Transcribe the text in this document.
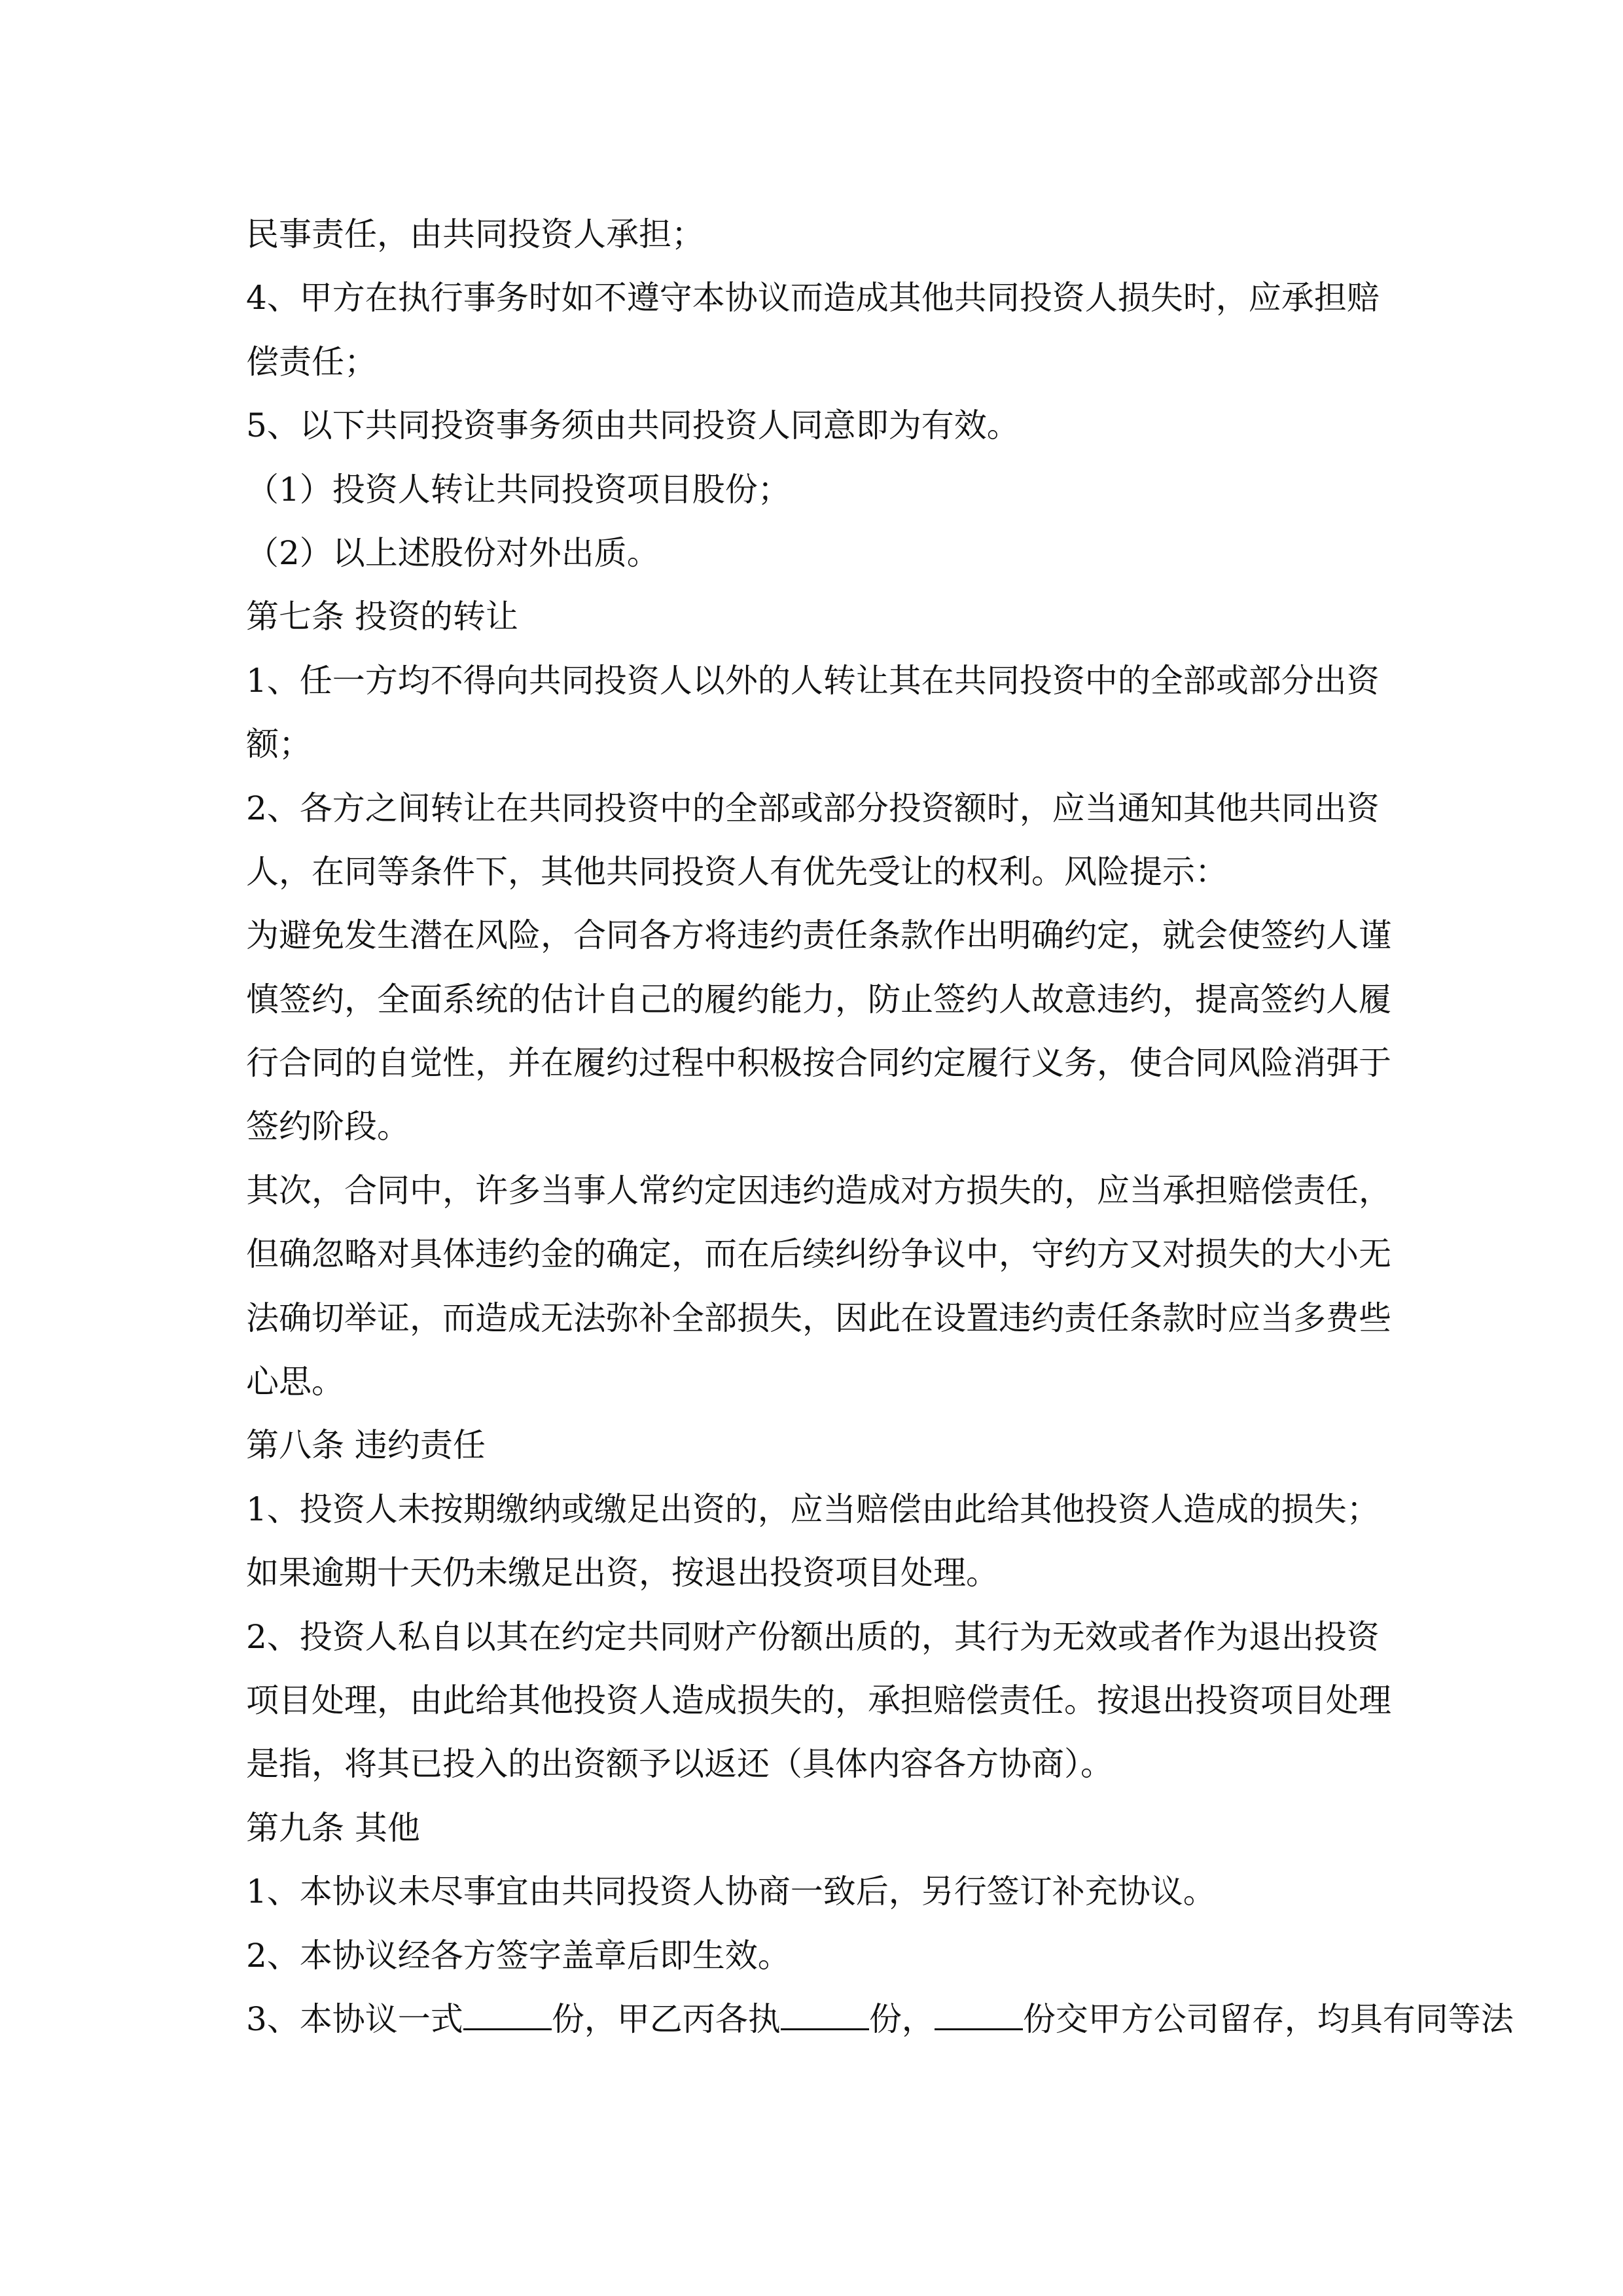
民事责任，由共同投资人承担；
4、甲方在执行事务时如不遵守本协议而造成其他共同投资人损失时，应承担赔
偿责任；
5、以下共同投资事务须由共同投资人同意即为有效。
（1）投资人转让共同投资项目股份；
（2）以上述股份对外出质。
第七条 投资的转让
1、任一方均不得向共同投资人以外的人转让其在共同投资中的全部或部分出资
额；
2、各方之间转让在共同投资中的全部或部分投资额时，应当通知其他共同出资
人，在同等条件下，其他共同投资人有优先受让的权利。风险提示：
为避免发生潜在风险，合同各方将违约责任条款作出明确约定，就会使签约人谨
慎签约，全面系统的估计自己的履约能力，防止签约人故意违约，提高签约人履
行合同的自觉性，并在履约过程中积极按合同约定履行义务，使合同风险消弭于
签约阶段。
其次，合同中，许多当事人常约定因违约造成对方损失的，应当承担赔偿责任，
但确忽略对具体违约金的确定，而在后续纠纷争议中，守约方又对损失的大小无
法确切举证，而造成无法弥补全部损失，因此在设置违约责任条款时应当多费些
心思。
第八条 违约责任
1、投资人未按期缴纳或缴足出资的，应当赔偿由此给其他投资人造成的损失；
如果逾期十天仍未缴足出资，按退出投资项目处理。
2、投资人私自以其在约定共同财产份额出质的，其行为无效或者作为退出投资
项目处理，由此给其他投资人造成损失的，承担赔偿责任。按退出投资项目处理
是指，将其已投入的出资额予以返还（具体内容各方协商）。
第九条 其他
1、本协议未尽事宜由共同投资人协商一致后，另行签订补充协议。
2、本协议经各方签字盖章后即生效。
3、本协议一式	份，甲乙丙各执	份，	份交甲方公司留存，均具有同等法
